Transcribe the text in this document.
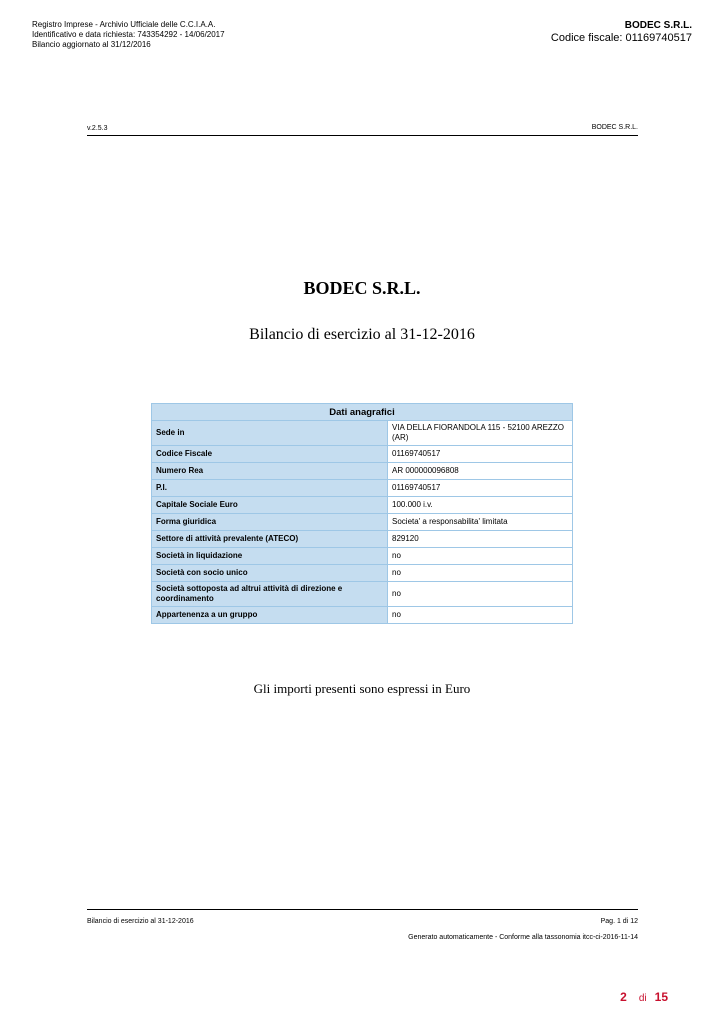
Registro Imprese - Archivio Ufficiale delle C.C.I.A.A.
Identificativo e data richiesta: 743354292 - 14/06/2017
Bilancio aggiornato al 31/12/2016
BODEC S.R.L.
Codice fiscale: 01169740517
v.2.5.3	BODEC S.R.L.
BODEC S.R.L.
Bilancio di esercizio al 31-12-2016
Dati anagrafici	
Sede in	VIA DELLA FIORANDOLA 115 - 52100 AREZZO (AR)
Codice Fiscale	01169740517
Numero Rea	AR 000000096808
P.I.	01169740517
Capitale Sociale Euro	100.000 i.v.
Forma giuridica	Societa' a responsabilita' limitata
Settore di attività prevalente (ATECO)	829120
Società in liquidazione	no
Società con socio unico	no
Società sottoposta ad altrui attività di direzione e coordinamento	no
Appartenenza a un gruppo	no
Gli importi presenti sono espressi in Euro
Bilancio di esercizio al 31-12-2016	Pag. 1 di 12
Generato automaticamente - Conforme alla tassonomia itcc-ci-2016-11-14
2 di 15
